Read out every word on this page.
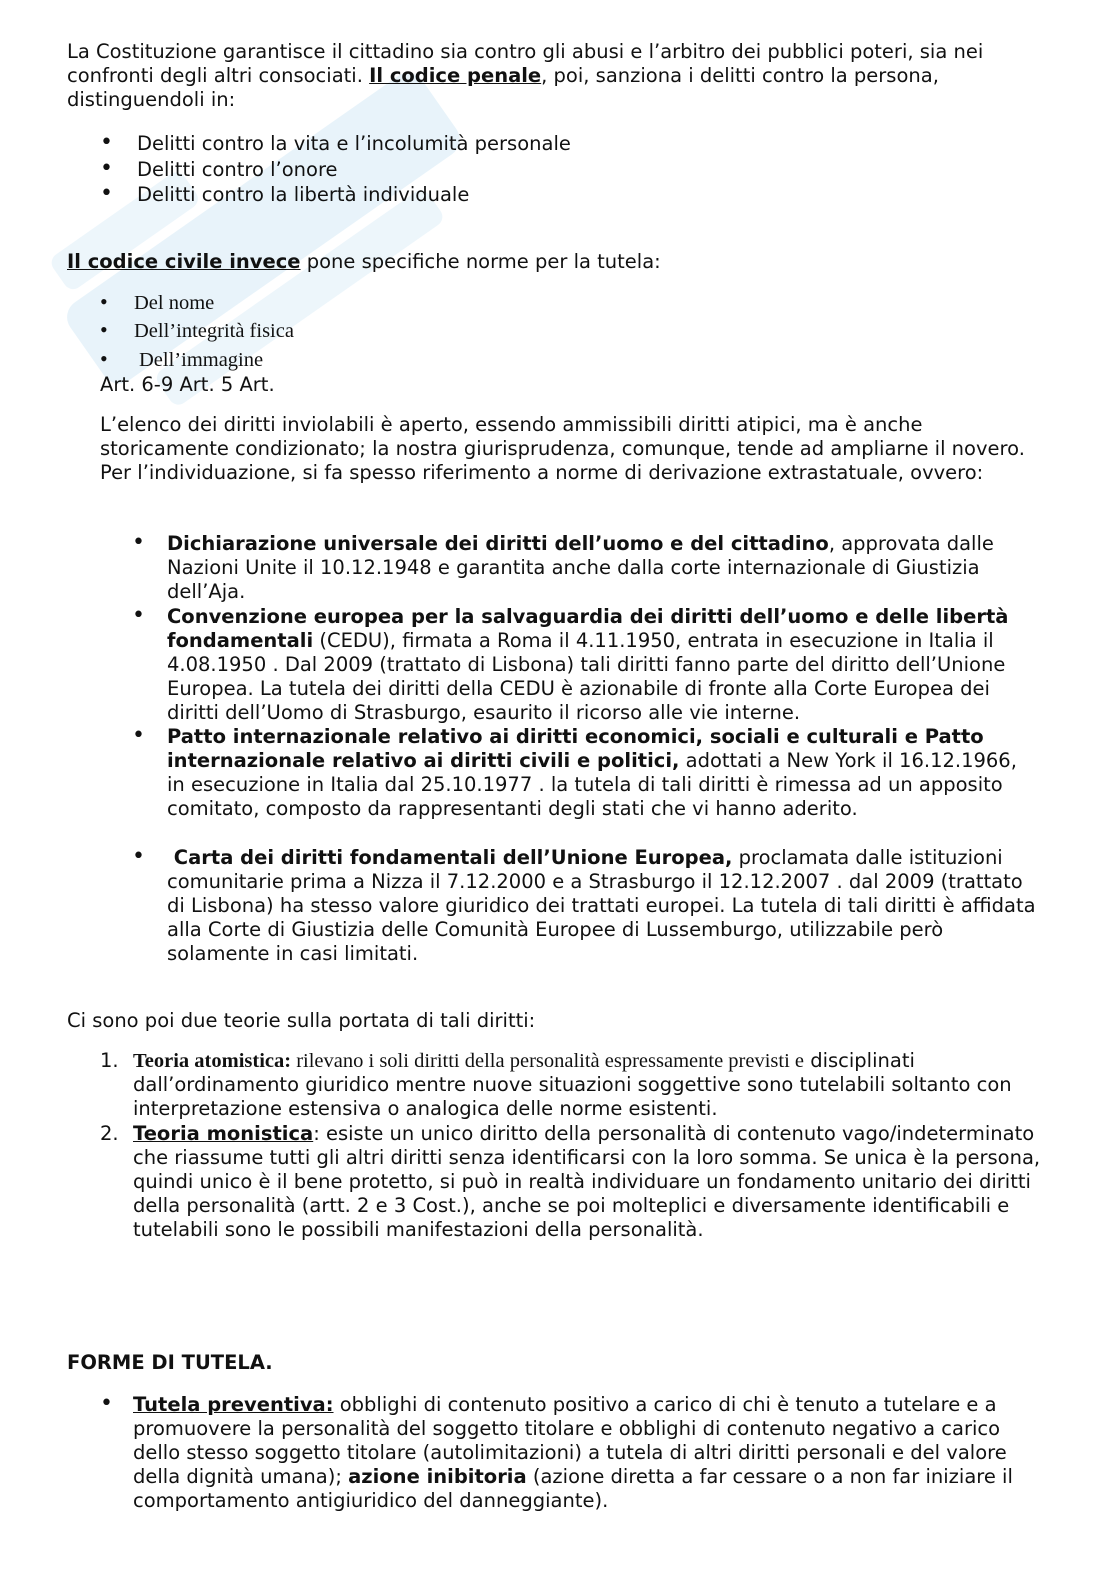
La Costituzione garantisce il cittadino sia contro gli abusi e l’arbitro dei pubblici poteri, sia nei confronti degli altri consociati. Il codice penale, poi, sanziona i delitti contro la persona, distinguendoli in:

• Delitti contro la vita e l’incolumità personale
• Delitti contro l’onore
• Delitti contro la libertà individuale

Il codice civile invece pone specifiche norme per la tutela:

• Del nome
• Dell’integrità fisica
• Dell’immagine

Art. 6-9 Art. 5 Art.

L’elenco dei diritti inviolabili è aperto, essendo ammissibili diritti atipici, ma è anche storicamente condizionato; la nostra giurisprudenza, comunque, tende ad ampliarne il novero. Per l’individuazione, si fa spesso riferimento a norme di derivazione extrastatuale, ovvero:

• Dichiarazione universale dei diritti dell’uomo e del cittadino, approvata dalle Nazioni Unite il 10.12.1948 e garantita anche dalla corte internazionale di Giustizia dell’Aja.
• Convenzione europea per la salvaguardia dei diritti dell’uomo e delle libertà fondamentali (CEDU), firmata a Roma il 4.11.1950, entrata in esecuzione in Italia il 4.08.1950 . Dal 2009 (trattato di Lisbona) tali diritti fanno parte del diritto dell’Unione Europea. La tutela dei diritti della CEDU è azionabile di fronte alla Corte Europea dei diritti dell’Uomo di Strasburgo, esaurito il ricorso alle vie interne.
• Patto internazionale relativo ai diritti economici, sociali e culturali e Patto internazionale relativo ai diritti civili e politici, adottati a New York il 16.12.1966, in esecuzione in Italia dal 25.10.1977 . la tutela di tali diritti è rimessa ad un apposito comitato, composto da rappresentanti degli stati che vi hanno aderito.
• Carta dei diritti fondamentali dell’Unione Europea, proclamata dalle istituzioni comunitarie prima a Nizza il 7.12.2000 e a Strasburgo il 12.12.2007 . dal 2009 (trattato di Lisbona) ha stesso valore giuridico dei trattati europei. La tutela di tali diritti è affidata alla Corte di Giustizia delle Comunità Europee di Lussemburgo, utilizzabile però solamente in casi limitati.

Ci sono poi due teorie sulla portata di tali diritti:

1. Teoria atomistica: rilevano i soli diritti della personalità espressamente previsti e disciplinati dall’ordinamento giuridico mentre nuove situazioni soggettive sono tutelabili soltanto con interpretazione estensiva o analogica delle norme esistenti.
2. Teoria monistica: esiste un unico diritto della personalità di contenuto vago/indeterminato che riassume tutti gli altri diritti senza identificarsi con la loro somma. Se unica è la persona, quindi unico è il bene protetto, si può in realtà individuare un fondamento unitario dei diritti della personalità (artt. 2 e 3 Cost.), anche se poi molteplici e diversamente identificabili e tutelabili sono le possibili manifestazioni della personalità.

FORME DI TUTELA.

• Tutela preventiva: obblighi di contenuto positivo a carico di chi è tenuto a tutelare e a promuovere la personalità del soggetto titolare e obblighi di contenuto negativo a carico dello stesso soggetto titolare (autolimitazioni) a tutela di altri diritti personali e del valore della dignità umana); azione inibitoria (azione diretta a far cessare o a non far iniziare il comportamento antigiuridico del danneggiante).
